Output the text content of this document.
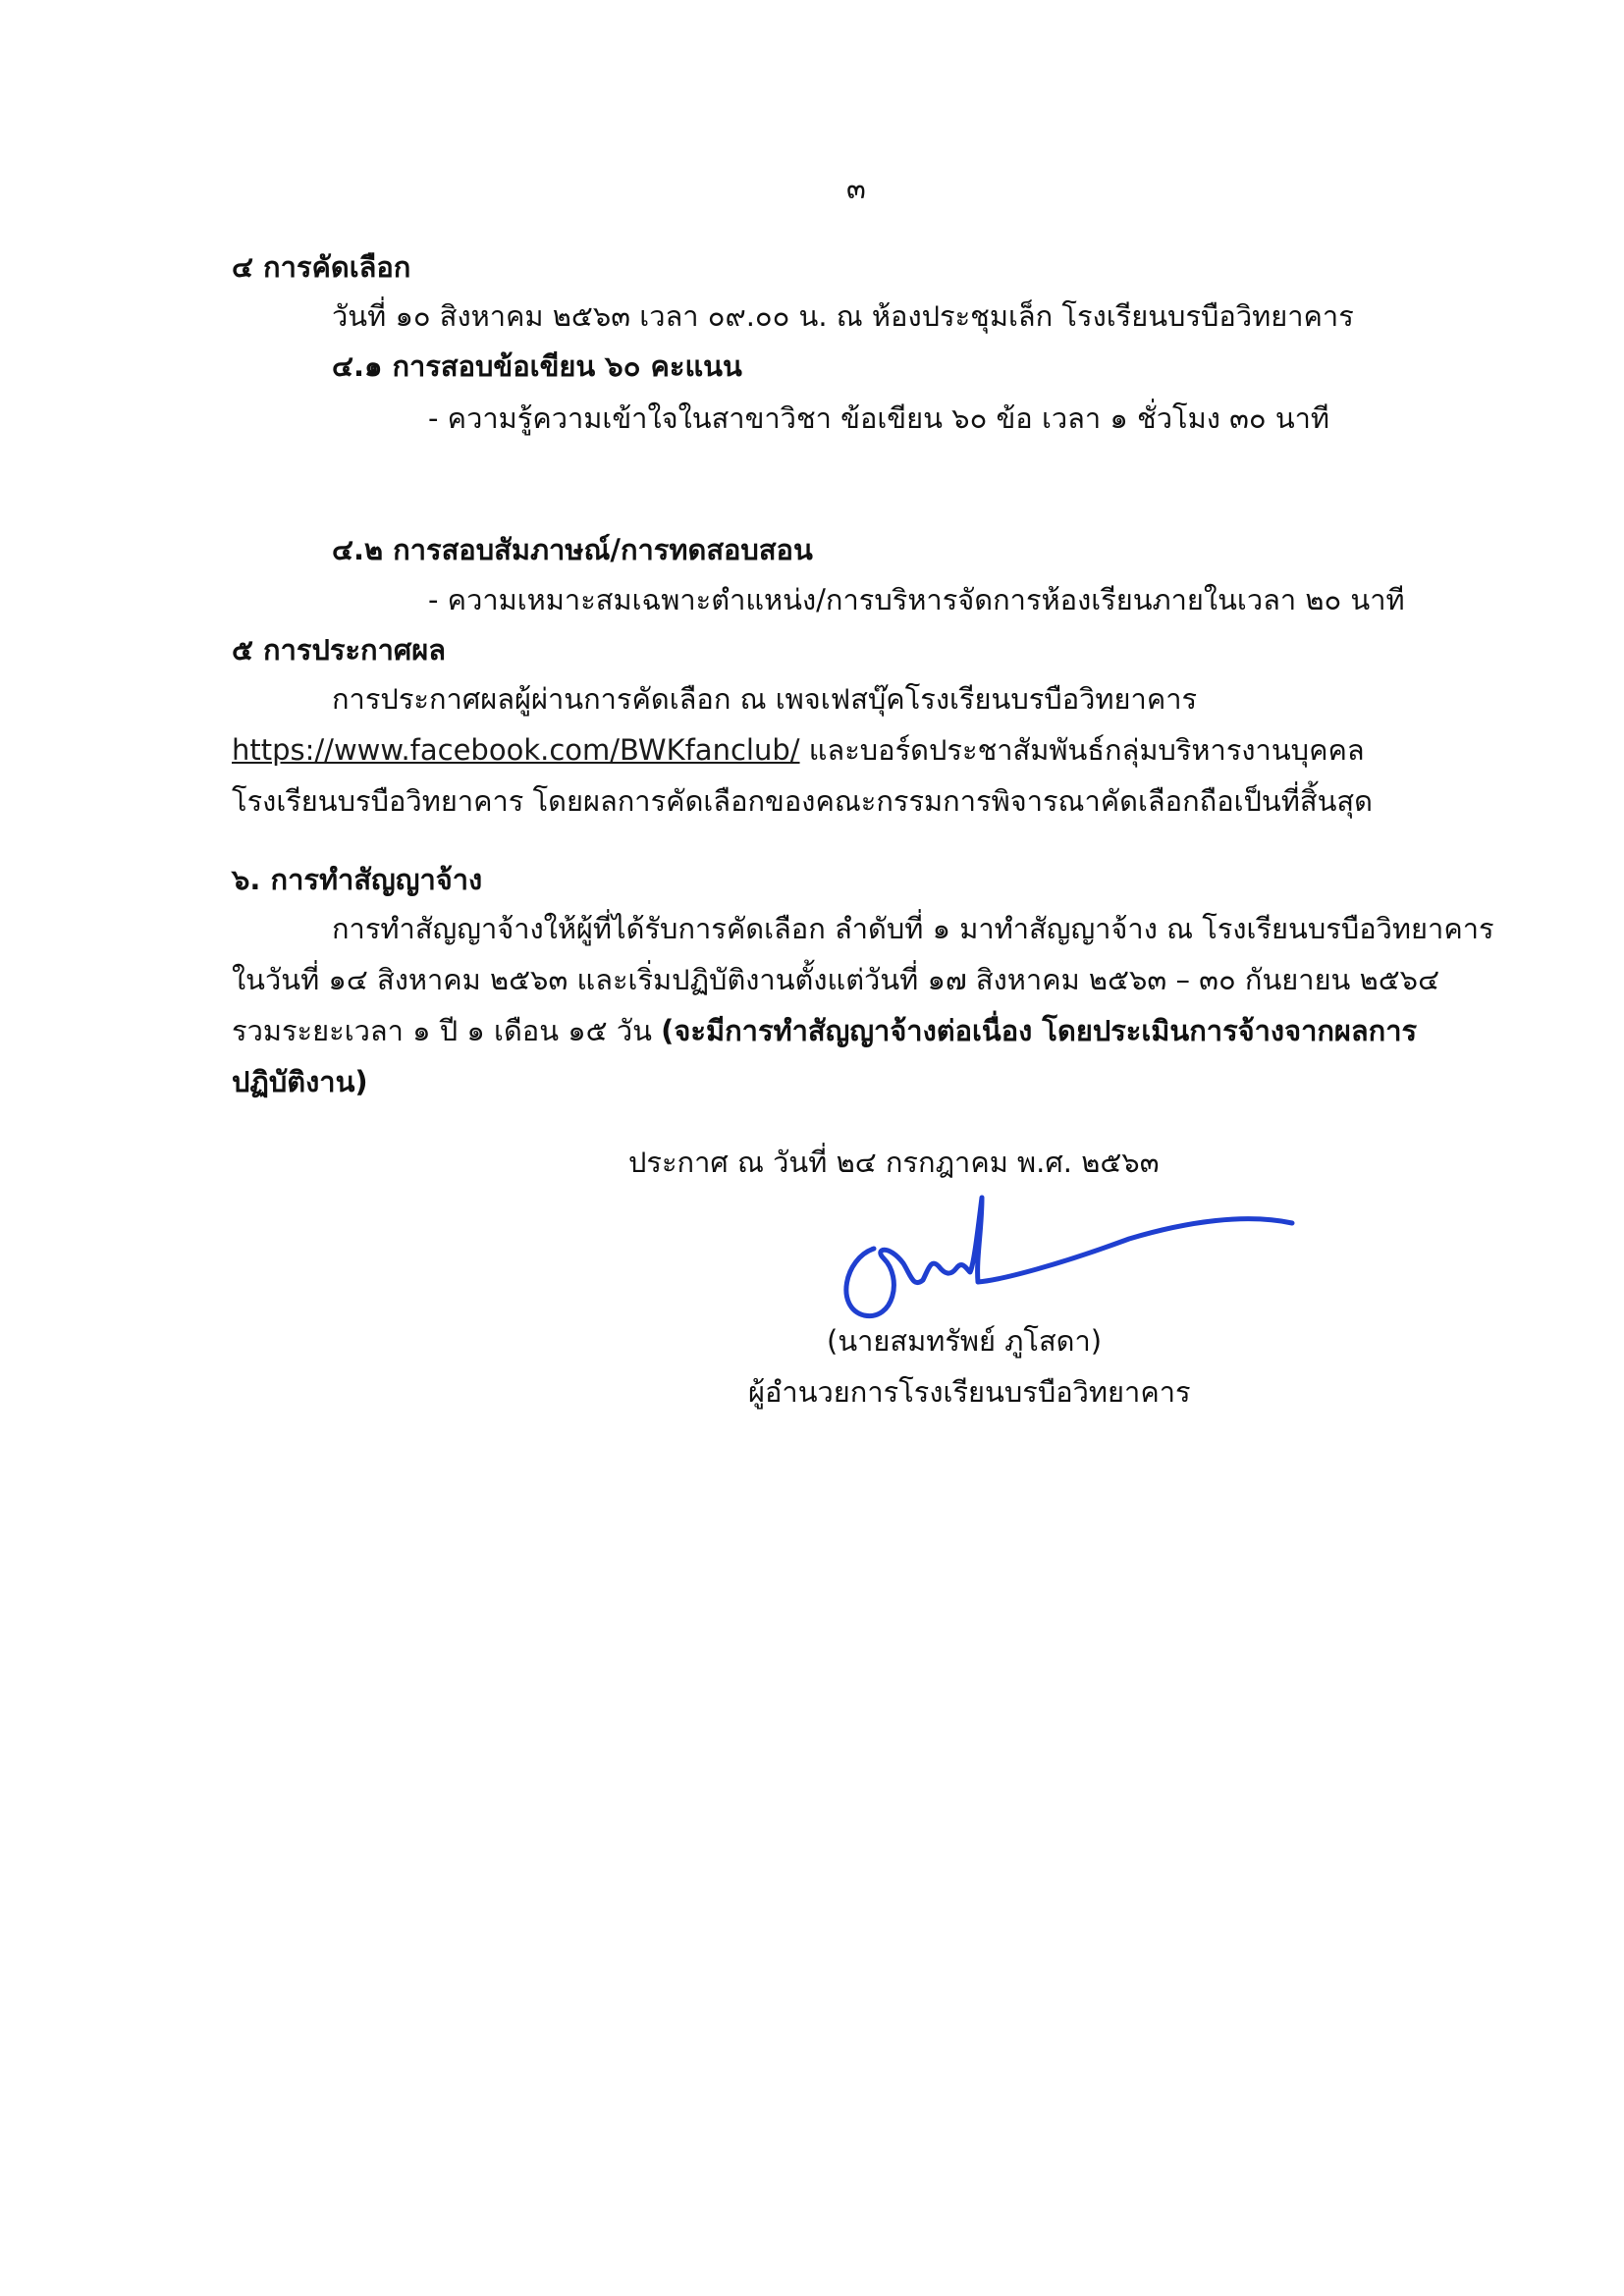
๓
๔ การคัดเลือก
วันที่ ๑๐ สิงหาคม ๒๕๖๓ เวลา ๐๙.๐๐ น. ณ ห้องประชุมเล็ก โรงเรียนบรบือวิทยาคาร
๔.๑ การสอบข้อเขียน ๖๐ คะแนน
- ความรู้ความเข้าใจในสาขาวิชา ข้อเขียน ๖๐ ข้อ เวลา ๑ ชั่วโมง ๓๐ นาที
๔.๒ การสอบสัมภาษณ์/การทดสอบสอน
- ความเหมาะสมเฉพาะตำแหน่ง/การบริหารจัดการห้องเรียนภายในเวลา ๒๐ นาที
๕ การประกาศผล
การประกาศผลผู้ผ่านการคัดเลือก ณ เพจเฟสบุ๊คโรงเรียนบรบือวิทยาคาร
https://www.facebook.com/BWKfanclub/ และบอร์ดประชาสัมพันธ์กลุ่มบริหารงานบุคคล
โรงเรียนบรบือวิทยาคาร โดยผลการคัดเลือกของคณะกรรมการพิจารณาคัดเลือกถือเป็นที่สิ้นสุด
๖. การทำสัญญาจ้าง
การทำสัญญาจ้างให้ผู้ที่ได้รับการคัดเลือก ลำดับที่ ๑ มาทำสัญญาจ้าง ณ โรงเรียนบรบือวิทยาคาร
ในวันที่ ๑๔ สิงหาคม ๒๕๖๓ และเริ่มปฏิบัติงานตั้งแต่วันที่ ๑๗ สิงหาคม ๒๕๖๓ – ๓๐ กันยายน ๒๕๖๔
รวมระยะเวลา ๑ ปี ๑ เดือน ๑๕ วัน (จะมีการทำสัญญาจ้างต่อเนื่อง โดยประเมินการจ้างจากผลการ
ปฏิบัติงาน)
ประกาศ ณ วันที่ ๒๔ กรกฎาคม พ.ศ. ๒๕๖๓
(นายสมทรัพย์ ภูโสดา)
ผู้อำนวยการโรงเรียนบรบือวิทยาคาร
